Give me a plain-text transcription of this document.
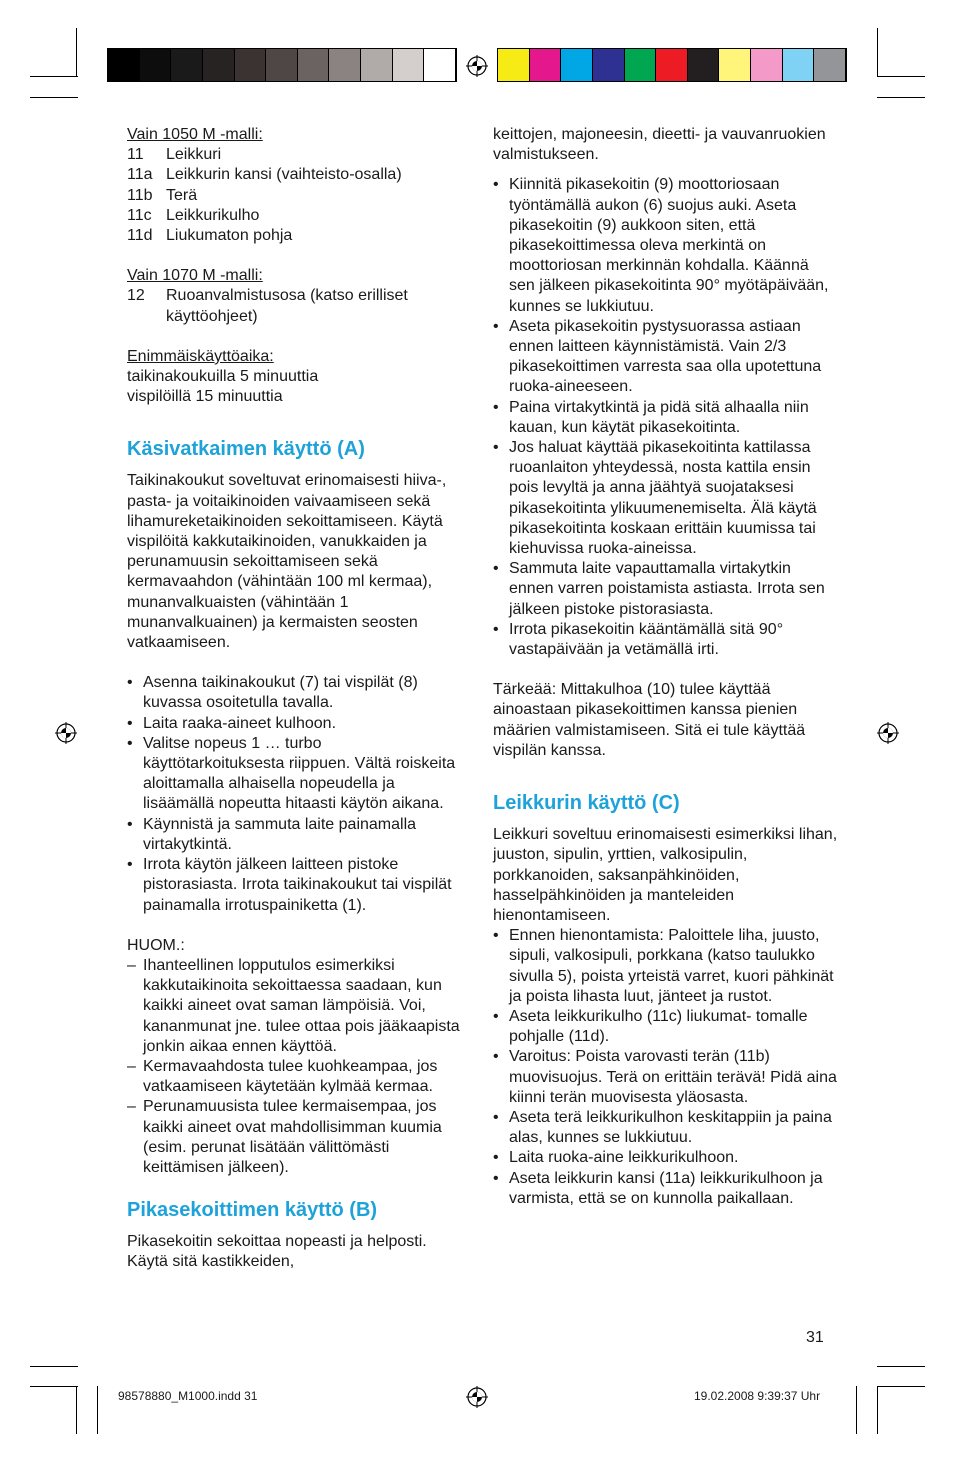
Vain 1050 M -malli:

11	Leikkuri
11a Leikkurin kansi (vaihteisto-osalla)
11b Terä
11c Leikkurikulho
11d Liukumaton pohja

Vain 1070 M -malli:

12	Ruoanvalmistusosa (katso erilliset käyttöohjeet)

Enimmäiskäyttöaika:

taikinakoukuilla 5 minuuttia

vispilöillä 15 minuuttia

Käsivatkaimen käyttö (A)

Taikinakoukut soveltuvat erinomaisesti hiiva-, pasta- ja voitaikinoiden vaivaamiseen sekä lihamureketaikinoiden sekoittamiseen. Käytä vispilöitä kakkutaikinoiden, vanukkaiden ja perunamuusin sekoittamiseen sekä kermavaahdon (vähintään 100 ml kermaa), munanvalkuaisten (vähintään 1 munanvalkuainen) ja kermaisten seosten vatkaamiseen.

• Asenna taikinakoukut (7) tai vispilät (8) kuvassa osoitetulla tavalla.
• Laita raaka-aineet kulhoon.
• Valitse nopeus 1 … turbo käyttötarkoituksesta riippuen. Vältä roiskeita aloittamalla alhaisella nopeudella ja lisäämällä nopeutta hitaasti käytön aikana.
• Käynnistä ja sammuta laite painamalla virtakytkintä.
• Irrota käytön jälkeen laitteen pistoke pistorasiasta. Irrota taikinakoukut tai vispilät painamalla irrotuspainiketta (1).

HUOM.:

– Ihanteellinen lopputulos esimerkiksi kakkutaikinoita sekoittaessa saadaan, kun kaikki aineet ovat saman lämpöisiä. Voi, kananmunat jne. tulee ottaa pois jääkaapista jonkin aikaa ennen käyttöä.
– Kermavaahdosta tulee kuohkeampaa, jos vatkaamiseen käytetään kylmää kermaa.
– Perunamuusista tulee kermaisempaa, jos kaikki aineet ovat mahdollisimman kuumia (esim. perunat lisätään välittömästi keittämisen jälkeen).
Pikasekoittimen käyttö (B)

Pikasekoitin sekoittaa nopeasti ja helposti. Käytä sitä kastikkeiden,

keittojen, majoneesin, dieetti- ja vauvanruokien valmistukseen.

• Kiinnitä pikasekoitin (9) moottoriosaan työntämällä aukon (6) suojus auki. Aseta pikasekoitin (9) aukkoon siten, että pikasekoittimessa oleva merkintä on moottoriosan merkinnän kohdalla. Käännä sen jälkeen pikasekoitinta 90° myötäpäivään, kunnes se lukkiutuu.
• Aseta pikasekoitin pystysuorassa astiaan ennen laitteen käynnistämistä. Vain 2/3 pikasekoittimen varresta saa olla upotettuna ruoka-aineeseen.
• Paina virtakytkintä ja pidä sitä alhaalla niin kauan, kun käytät pikasekoitinta.
• Jos haluat käyttää pikasekoitinta kattilassa ruoanlaiton yhteydessä, nosta kattila ensin pois levyltä ja anna jäähtyä suojataksesi pikasekoitinta ylikuumenemiselta. Älä käytä pikasekoitinta koskaan erittäin kuumissa tai kiehuvissa ruoka-aineissa.
• Sammuta laite vapauttamalla virtakytkin ennen varren poistamista astiasta. Irrota sen jälkeen pistoke pistorasiasta.
• Irrota pikasekoitin kääntämällä sitä 90° vastapäivään ja vetämällä irti.

Tärkeää: Mittakulhoa (10) tulee käyttää ainoastaan pikasekoittimen kanssa pienien määrien valmistamiseen. Sitä ei tule käyttää vispilän kanssa.

Leikkurin käyttö (C)

Leikkuri soveltuu erinomaisesti esimerkiksi lihan, juuston, sipulin, yrttien, valkosipulin, porkkanoiden, saksanpähkinöiden, hasselpähkinöiden ja manteleiden hienontamiseen.

• Ennen hienontamista: Paloittele liha, juusto, sipuli, valkosipuli, porkkana (katso taulukko sivulla 5), poista yrteistä varret, kuori pähkinät ja poista lihasta luut, jänteet ja rustot.
• Aseta leikkurikulho (11c) liukumat- tomalle pohjalle (11d).
• Varoitus: Poista varovasti terän (11b) muovisuojus. Terä on erittäin terävä! Pidä aina kiinni terän muovisesta yläosasta.
• Aseta terä leikkurikulhon keskitappiin ja paina alas, kunnes se lukkiutuu.
• Laita ruoka-aine leikkurikulhoon.
• Aseta leikkurin kansi (11a) leikkurikulhoon ja varmista, että se on kunnolla paikallaan.
31
98578880_M1000.indd 31	19.02.2008 9:39:37 Uhr
